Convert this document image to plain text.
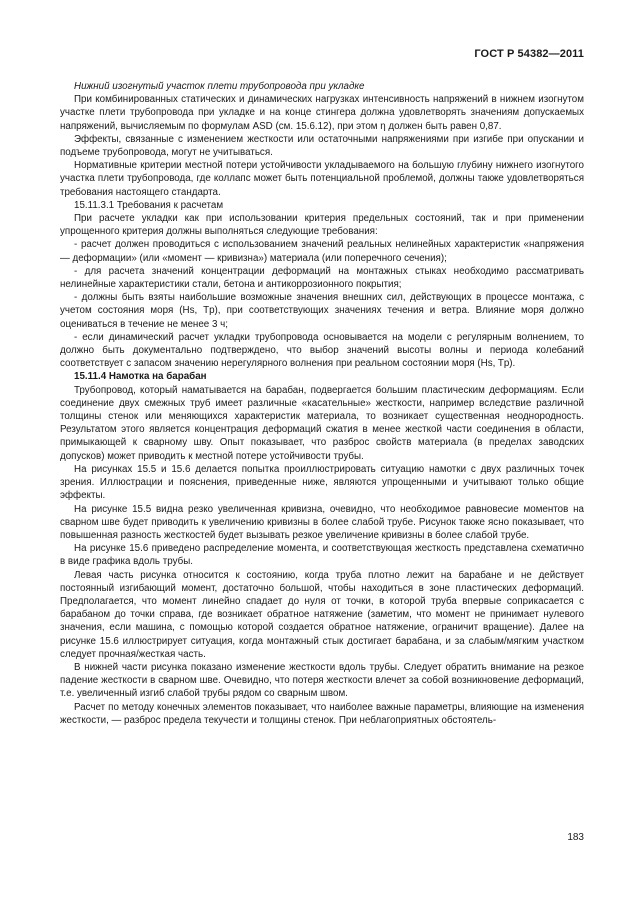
ГОСТ Р 54382—2011

Нижний изогнутый участок плети трубопровода при укладке

При комбинированных статических и динамических нагрузках интенсивность напряжений в нижнем изогнутом участке плети трубопровода при укладке и на конце стингера должна удовлетворять значениям допускаемых напряжений, вычисляемым по формулам ASD (см. 15.6.12), при этом η должен быть равен 0,87.

Эффекты, связанные с изменением жесткости или остаточными напряжениями при изгибе при опускании и подъеме трубопровода, могут не учитываться.

Нормативные критерии местной потери устойчивости укладываемого на большую глубину нижнего изогнутого участка плети трубопровода, где коллапс может быть потенциальной проблемой, должны также удовлетворяться требования настоящего стандарта.

15.11.3.1 Требования к расчетам

При расчете укладки как при использовании критерия предельных состояний, так и при применении упрощенного критерия должны выполняться следующие требования:

- расчет должен проводиться с использованием значений реальных нелинейных характеристик «напряжения — деформации» (или «момент — кривизна») материала (или поперечного сечения);

- для расчета значений концентрации деформаций на монтажных стыках необходимо рассматривать нелинейные характеристики стали, бетона и антикоррозионного покрытия;

- должны быть взяты наибольшие возможные значения внешних сил, действующих в процессе монтажа, с учетом состояния моря (Hs, Tp), при соответствующих значениях течения и ветра. Влияние моря должно оцениваться в течение не менее 3 ч;

- если динамический расчет укладки трубопровода основывается на модели с регулярным волнением, то должно быть документально подтверждено, что выбор значений высоты волны и периода колебаний соответствует с запасом значению нерегулярного волнения при реальном состоянии моря (Hs, Tp).

15.11.4 Намотка на барабан

Трубопровод, который наматывается на барабан, подвергается большим пластическим деформациям. Если соединение двух смежных труб имеет различные «касательные» жесткости, например вследствие различной толщины стенок или меняющихся характеристик материала, то возникает существенная неоднородность. Результатом этого является концентрация деформаций сжатия в менее жесткой части соединения в области, примыкающей к сварному шву. Опыт показывает, что разброс свойств материала (в пределах заводских допусков) может приводить к местной потере устойчивости трубы.

На рисунках 15.5 и 15.6 делается попытка проиллюстрировать ситуацию намотки с двух различных точек зрения. Иллюстрации и пояснения, приведенные ниже, являются упрощенными и учитывают только общие эффекты.

На рисунке 15.5 видна резко увеличенная кривизна, очевидно, что необходимое равновесие моментов на сварном шве будет приводить к увеличению кривизны в более слабой трубе. Рисунок также ясно показывает, что повышенная разность жесткостей будет вызывать резкое увеличение кривизны в более слабой трубе.

На рисунке 15.6 приведено распределение момента, и соответствующая жесткость представлена схематично в виде графика вдоль трубы.

Левая часть рисунка относится к состоянию, когда труба плотно лежит на барабане и не действует постоянный изгибающий момент, достаточно большой, чтобы находиться в зоне пластических деформаций. Предполагается, что момент линейно спадает до нуля от точки, в которой труба впервые соприкасается с барабаном до точки справа, где возникает обратное натяжение (заметим, что момент не принимает нулевого значения, если машина, с помощью которой создается обратное натяжение, ограничит вращение). Далее на рисунке 15.6 иллюстрирует ситуация, когда монтажный стык достигает барабана, и за слабым/мягким участком следует прочная/жесткая часть.

В нижней части рисунка показано изменение жесткости вдоль трубы. Следует обратить внимание на резкое падение жесткости в сварном шве. Очевидно, что потеря жесткости влечет за собой возникновение деформаций, т.е. увеличенный изгиб слабой трубы рядом со сварным швом.

Расчет по методу конечных элементов показывает, что наиболее важные параметры, влияющие на изменения жесткости, — разброс предела текучести и толщины стенок. При неблагоприятных обстоятель-

183
